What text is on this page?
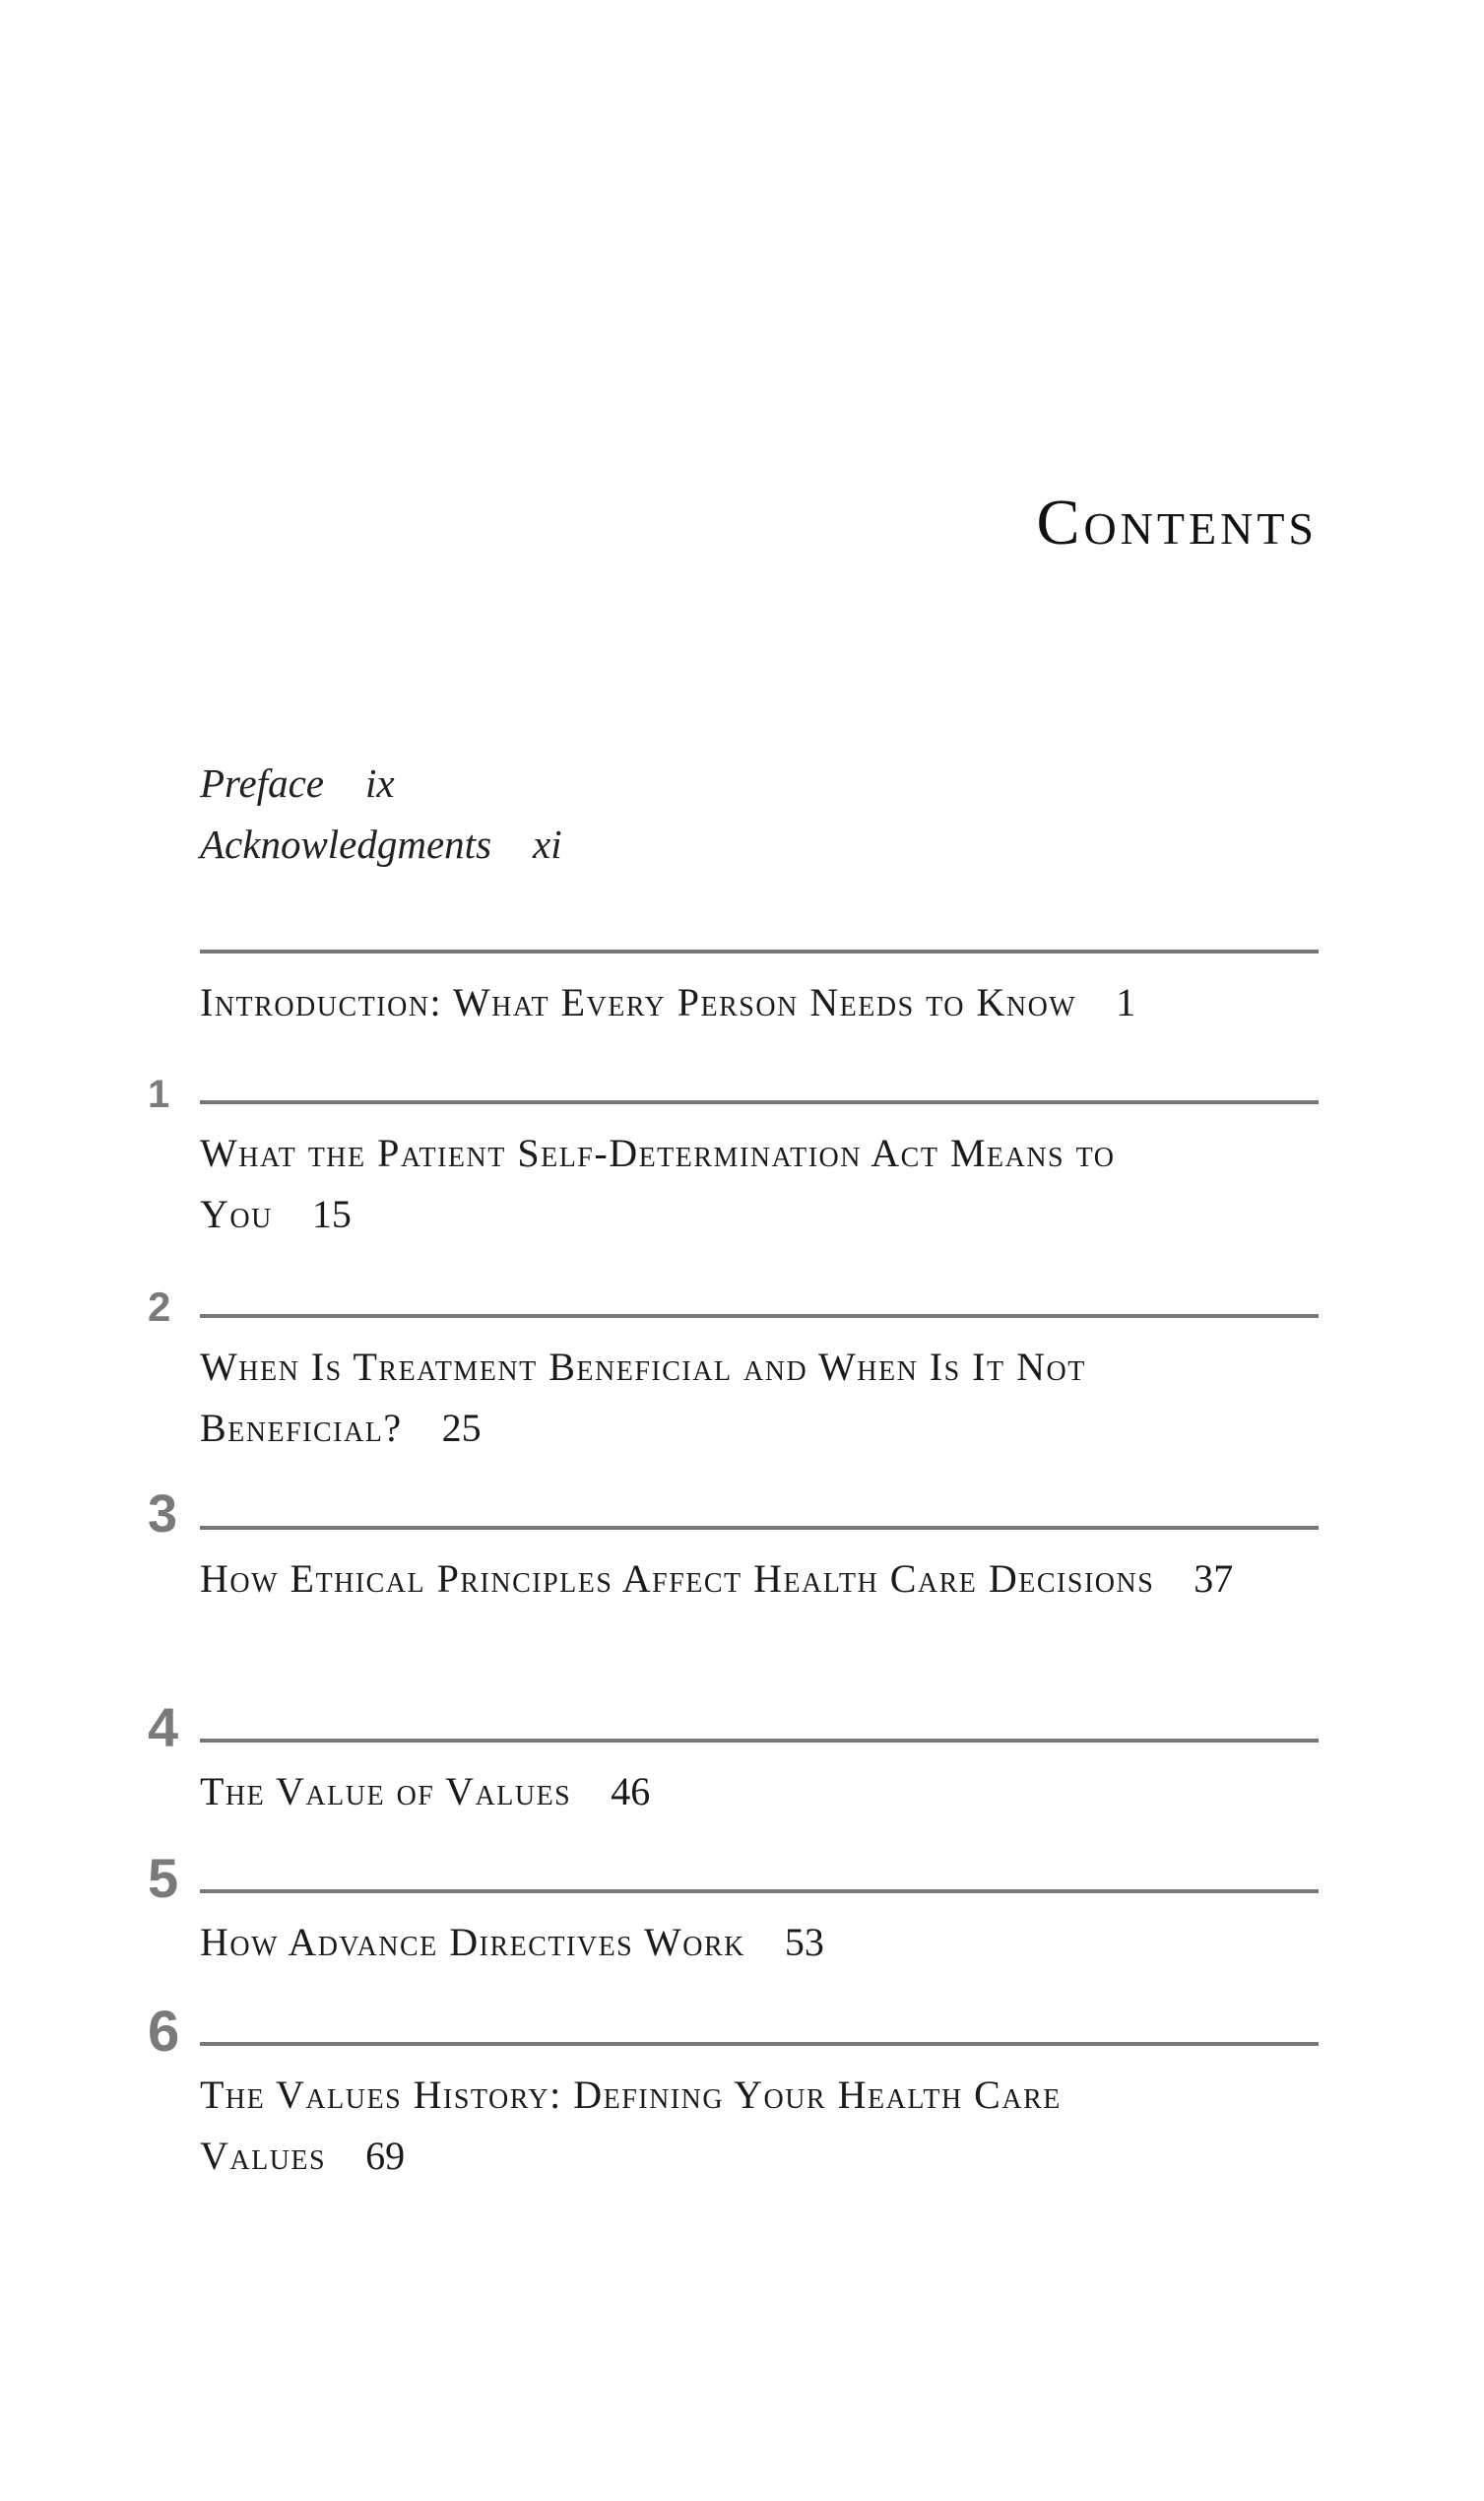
Contents
Preface ix
Acknowledgments xi

Introduction: What Every Person Needs to Know 1

1

What the Patient Self-Determination Act Means to You 15

2

When Is Treatment Beneficial and When Is It Not Beneficial? 25

3

How Ethical Principles Affect Health Care Decisions 37

4

The Value of Values 46

5

How Advance Directives Work 53

6

The Values History: Defining Your Health Care Values 69
